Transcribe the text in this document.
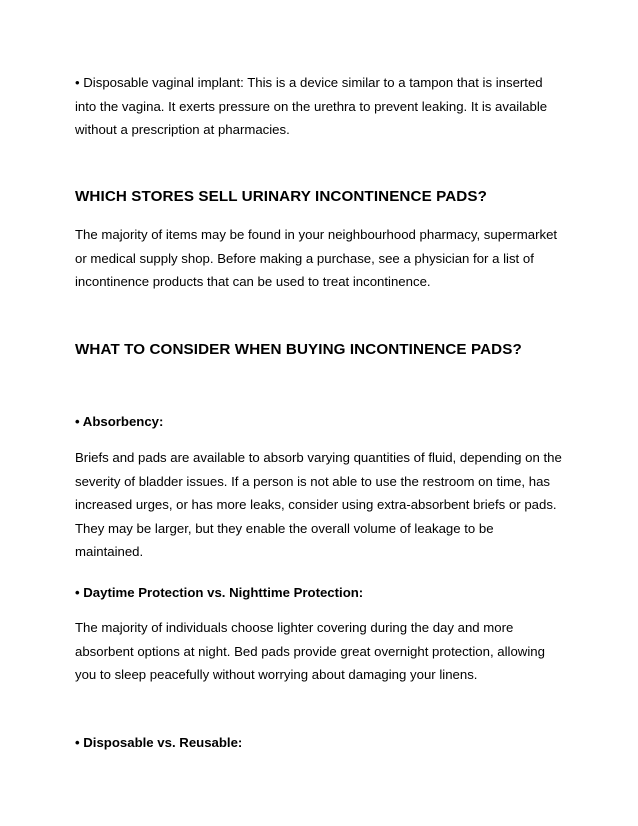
• Disposable vaginal implant: This is a device similar to a tampon that is inserted into the vagina. It exerts pressure on the urethra to prevent leaking. It is available without a prescription at pharmacies.

WHICH STORES SELL URINARY INCONTINENCE PADS?

The majority of items may be found in your neighbourhood pharmacy, supermarket or medical supply shop. Before making a purchase, see a physician for a list of incontinence products that can be used to treat incontinence.

WHAT TO CONSIDER WHEN BUYING INCONTINENCE PADS?
• Absorbency:

Briefs and pads are available to absorb varying quantities of fluid, depending on the severity of bladder issues. If a person is not able to use the restroom on time, has increased urges, or has more leaks, consider using extra-absorbent briefs or pads. They may be larger, but they enable the overall volume of leakage to be maintained.

• Daytime Protection vs. Nighttime Protection:

The majority of individuals choose lighter covering during the day and more absorbent options at night. Bed pads provide great overnight protection, allowing you to sleep peacefully without worrying about damaging your linens.

• Disposable vs. Reusable:
